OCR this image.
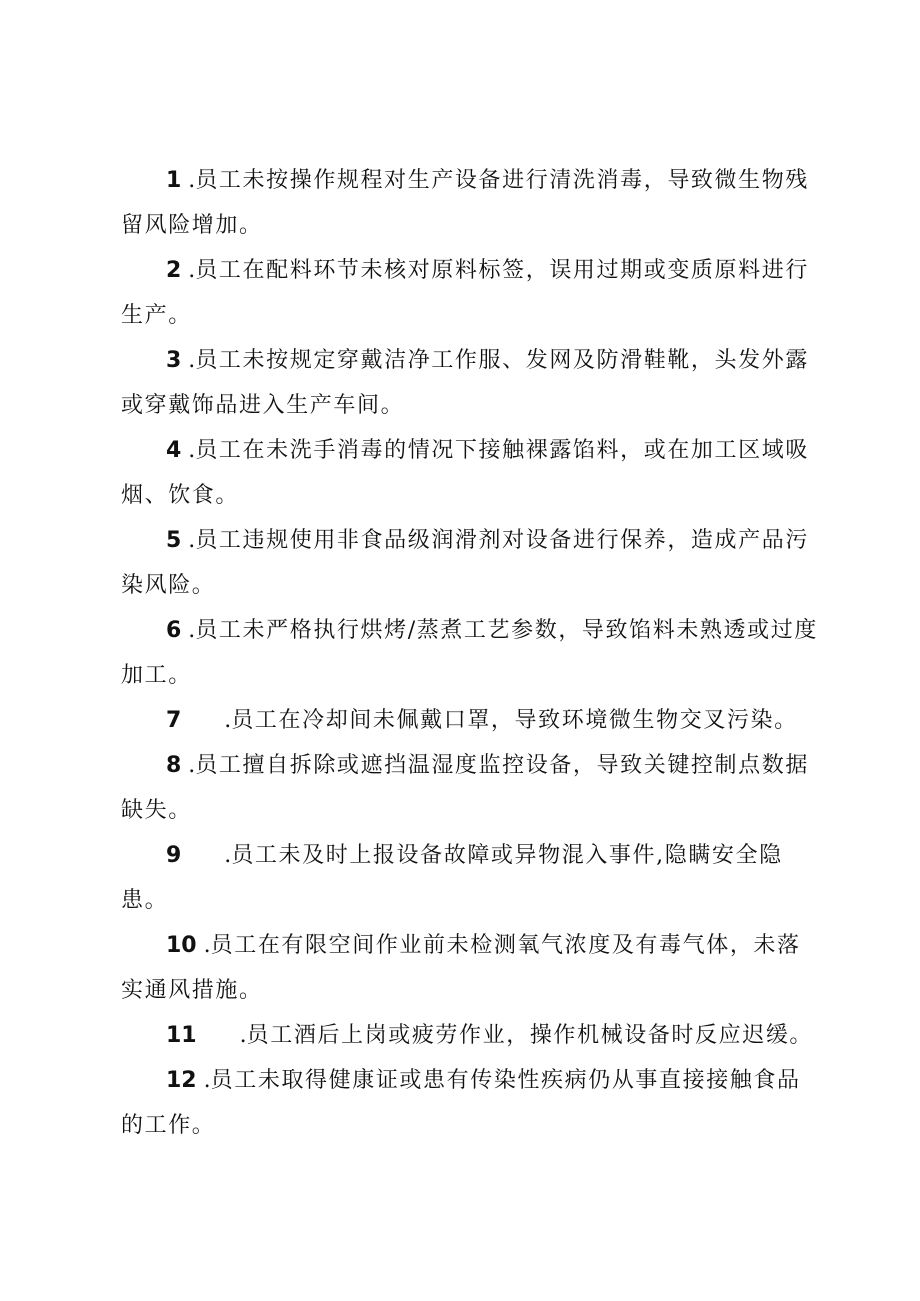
1 .员工未按操作规程对生产设备进行清洗消毒，导致微生物残留风险增加。

2 .员工在配料环节未核对原料标签，误用过期或变质原料进行生产。

3 .员工未按规定穿戴洁净工作服、发网及防滑鞋靴，头发外露或穿戴饰品进入生产车间。

4 .员工在未洗手消毒的情况下接触裸露馅料，或在加工区域吸烟、饮食。

5 .员工违规使用非食品级润滑剂对设备进行保养，造成产品污染风险。

6 .员工未严格执行烘烤/蒸煮工艺参数，导致馅料未熟透或过度加工。

7 .员工在冷却间未佩戴口罩，导致环境微生物交叉污染。

8 .员工擅自拆除或遮挡温湿度监控设备，导致关键控制点数据缺失。

9 .员工未及时上报设备故障或异物混入事件,隐瞒安全隐患。

10 .员工在有限空间作业前未检测氧气浓度及有毒气体，未落实通风措施。

11 .员工酒后上岗或疲劳作业，操作机械设备时反应迟缓。

12 .员工未取得健康证或患有传染性疾病仍从事直接接触食品的工作。
